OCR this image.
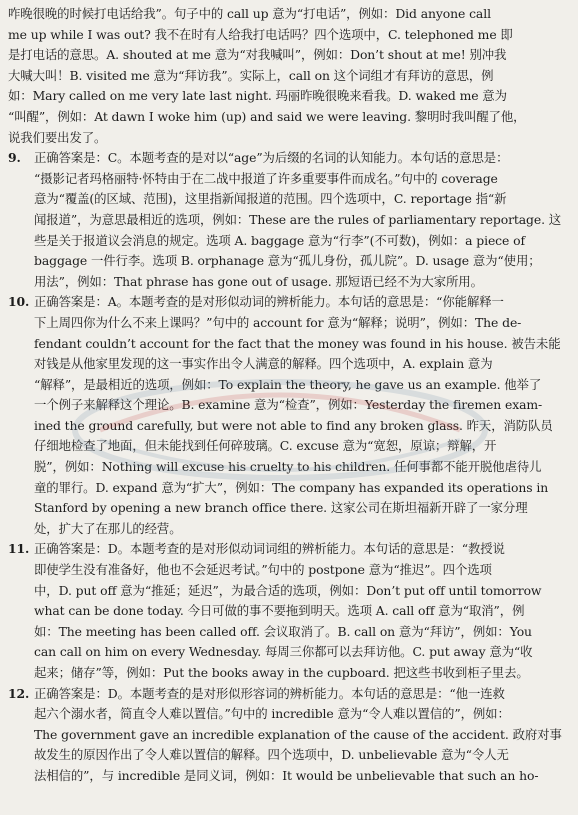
咋晚很晚的时候打电话给我”。句子中的 call up 意为“打电话”，例如：Did anyone call
me up while I was out? 我不在时有人给我打电话吗？四个选项中，C. telephoned me 即
是打电话的意思。A. shouted at me 意为“对我喊叫”，例如：Don’t shout at me! 别冲我
大喊大叫！B. visited me 意为“拜访我”。实际上，call on 这个词组才有拜访的意思，例
如：Mary called on me very late last night. 玛丽昨晚很晚来看我。D. waked me 意为
“叫醒”，例如：At dawn I woke him (up) and said we were leaving. 黎明时我叫醒了他，
说我们要出发了。
9. 正确答案是：C。本题考查的是对以“age”为后缀的名词的认知能力。本句话的意思是：
“摄影记者玛格丽特·怀特由于在二战中报道了许多重要事件而成名。”句中的 coverage
意为“覆盖(的区域、范围)，这里指新闻报道的范围。四个选项中，C. reportage 指“新
闻报道”，为意思最相近的选项，例如：These are the rules of parliamentary reportage. 这
些是关于报道议会消息的规定。选项 A. baggage 意为“行李”(不可数)，例如：a piece of
baggage 一件行李。选项 B. orphanage 意为“孤儿身份，孤儿院”。D. usage 意为“使用；
用法”，例如：That phrase has gone out of usage. 那短语已经不为大家所用。
10. 正确答案是：A。本题考查的是对形似动词的辨析能力。本句话的意思是：“你能解释一
下上周四你为什么不来上课吗？”句中的 account for 意为“解释；说明”，例如：The de-
fendant couldn’t account for the fact that the money was found in his house. 被告未能
对钱是从他家里发现的这一事实作出令人满意的解释。四个选项中，A. explain 意为
“解释”，是最相近的选项，例如：To explain the theory, he gave us an example. 他举了
一个例子来解释这个理论。B. examine 意为“检查”，例如：Yesterday the firemen exam-
ined the ground carefully, but were not able to find any broken glass. 昨天，消防队员
仔细地检查了地面，但未能找到任何碎玻璃。C. excuse 意为“宽恕，原谅；辩解，开
脱”，例如：Nothing will excuse his cruelty to his children. 任何事都不能开脱他虐待儿
童的罪行。D. expand 意为“扩大”，例如：The company has expanded its operations in
Stanford by opening a new branch office there. 这家公司在斯坦福新开辟了一家分理
处，扩大了在那儿的经营。
11. 正确答案是：D。本题考查的是对形似动词词组的辨析能力。本句话的意思是：“教授说
即使学生没有准备好，他也不会延迟考试。”句中的 postpone 意为“推迟”。四个选项
中，D. put off 意为“推延；延迟”，为最合适的选项，例如：Don’t put off until tomorrow
what can be done today. 今日可做的事不要拖到明天。选项 A. call off 意为“取消”，例
如：The meeting has been called off. 会议取消了。B. call on 意为“拜访”，例如：You
can call on him on every Wednesday. 每周三你都可以去拜访他。C. put away 意为“收
起来；储存”等，例如：Put the books away in the cupboard. 把这些书收到柜子里去。
12. 正确答案是：D。本题考查的是对形似形容词的辨析能力。本句话的意思是：“他一连救
起六个溺水者，简直令人难以置信。”句中的 incredible 意为“令人难以置信的”，例如：
The government gave an incredible explanation of the cause of the accident. 政府对事
故发生的原因作出了令人难以置信的解释。四个选项中，D. unbelievable 意为“令人无
法相信的”，与 incredible 是同义词，例如：It would be unbelievable that such an ho-
